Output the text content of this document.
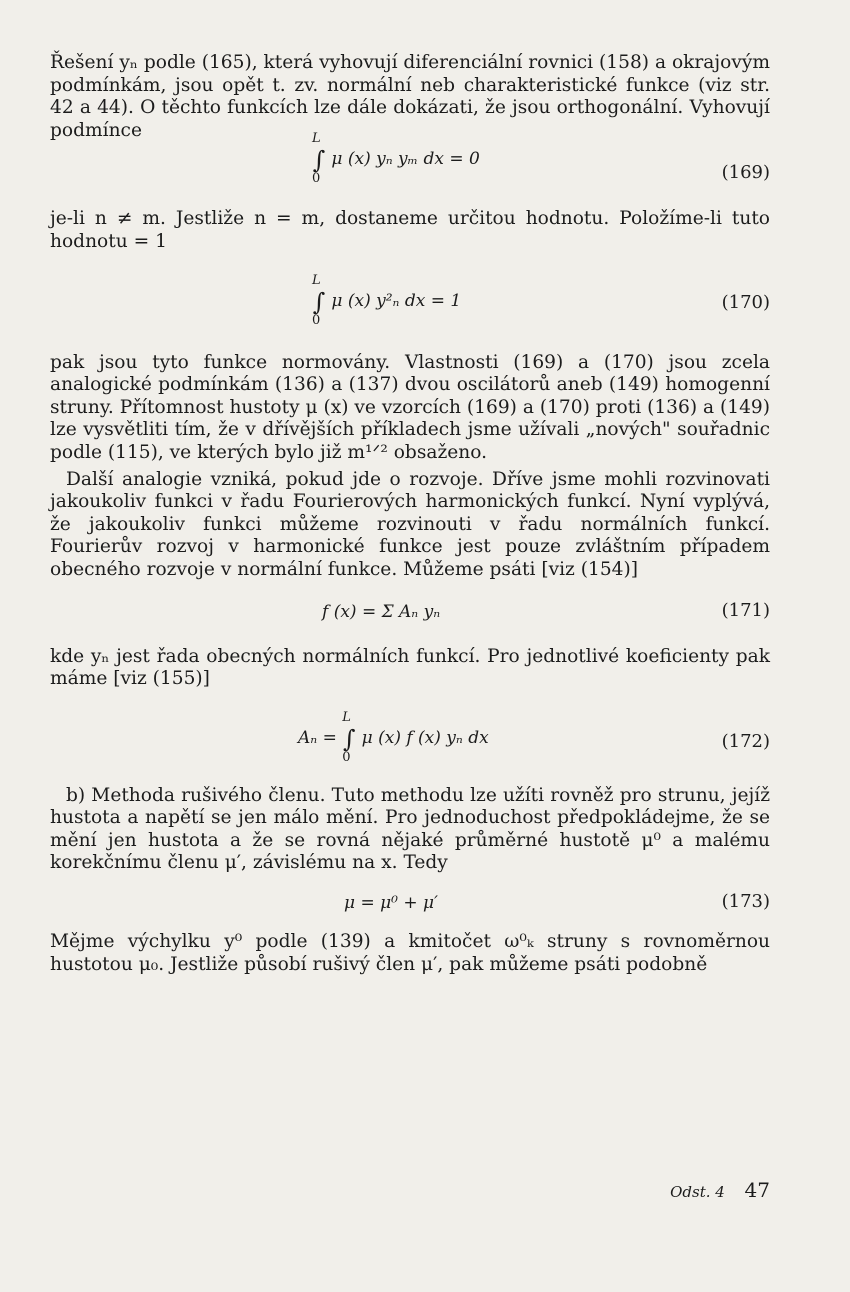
Řešení yₙ podle (165), která vyhovují diferenciální rovnici (158) a okrajovým podmínkám, jsou opět t. zv. normální neb charakteristické funkce (viz str. 42 a 44). O těchto funkcích lze dále dokázati, že jsou orthogonální. Vyhovují podmínce

∫
L
0
μ (x) yₙ yₘ dx = 0
(169)

je-li n ≠ m. Jestliže n = m, dostaneme určitou hodnotu. Položíme-li tuto hodnotu = 1

∫
L
0
μ (x) y²ₙ dx = 1	(170)

pak jsou tyto funkce normovány. Vlastnosti (169) a (170) jsou zcela analogické podmínkám (136) a (137) dvou oscilátorů aneb (149) homogenní struny. Přítomnost hustoty μ (x) ve vzorcích (169) a (170) proti (136) a (149) lze vysvětliti tím, že v dřívějších příkladech jsme užívali „nových" souřadnic podle (115), ve kterých bylo již m¹ᐟ² obsaženo.

Další analogie vzniká, pokud jde o rozvoje. Dříve jsme mohli rozvinovati jakoukoliv funkci v řadu Fourierových harmonických funkcí. Nyní vyplývá, že jakoukoliv funkci můžeme rozvinouti v řadu normálních funkcí. Fourierův rozvoj v harmonické funkce jest pouze zvláštním případem obecného rozvoje v normální funkce. Můžeme psáti [viz (154)]

f (x) = Σ Aₙ yₙ	(171)

kde yₙ jest řada obecných normálních funkcí. Pro jednotlivé koeficienty pak máme [viz (155)]

Aₙ = ∫
L
0
μ (x) f (x) yₙ dx	(172)

b) Methoda rušivého členu. Tuto methodu lze užíti rovněž pro strunu, jejíž hustota a napětí se jen málo mění. Pro jednoduchost předpokládejme, že se mění jen hustota a že se rovná nějaké průměrné hustotě μ⁰ a malému korekčnímu členu μ′, závislému na x. Tedy

μ = μ⁰ + μ′	(173)

Mějme výchylku y⁰ podle (139) a kmitočet ω⁰ₖ struny s rovnoměrnou hustotou μ₀. Jestliže působí rušivý člen μ′, pak můžeme psáti podobně

Odst. 4 47
